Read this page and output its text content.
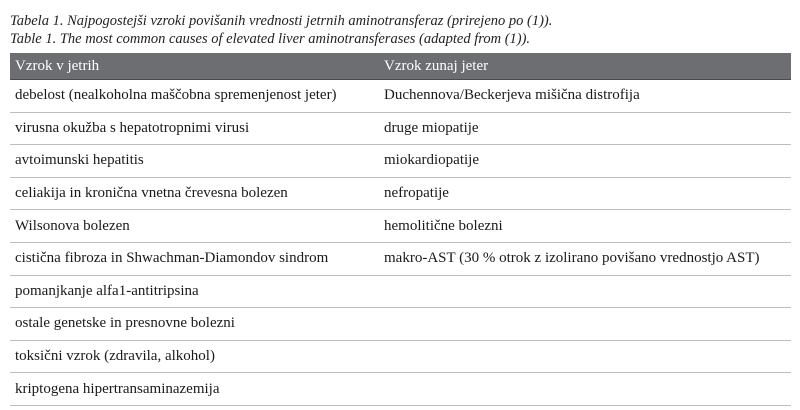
Tabela 1. Najpogostejši vzroki povišanih vrednosti jetrnih aminotransferaz (prirejeno po (1)).
Table 1. The most common causes of elevated liver aminotransferases (adapted from (1)).
Vzrok v jetrih	Vzrok zunaj jeter
debelost (nealkoholna maščobna spremenjenost jeter)	Duchennova/Beckerjeva mišična distrofija
virusna okužba s hepatotropnimi virusi	druge miopatije
avtoimunski hepatitis	miokardiopatije
celiakija in kronična vnetna črevesna bolezen	nefropatije
Wilsonova bolezen	hemolitične bolezni
cistična fibroza in Shwachman-Diamondov sindrom	makro-AST (30 % otrok z izolirano povišano vrednostjo AST)
pomanjkanje alfa1-antitripsina	
ostale genetske in presnovne bolezni	
toksični vzrok (zdravila, alkohol)	
kriptogena hipertransaminazemija	
